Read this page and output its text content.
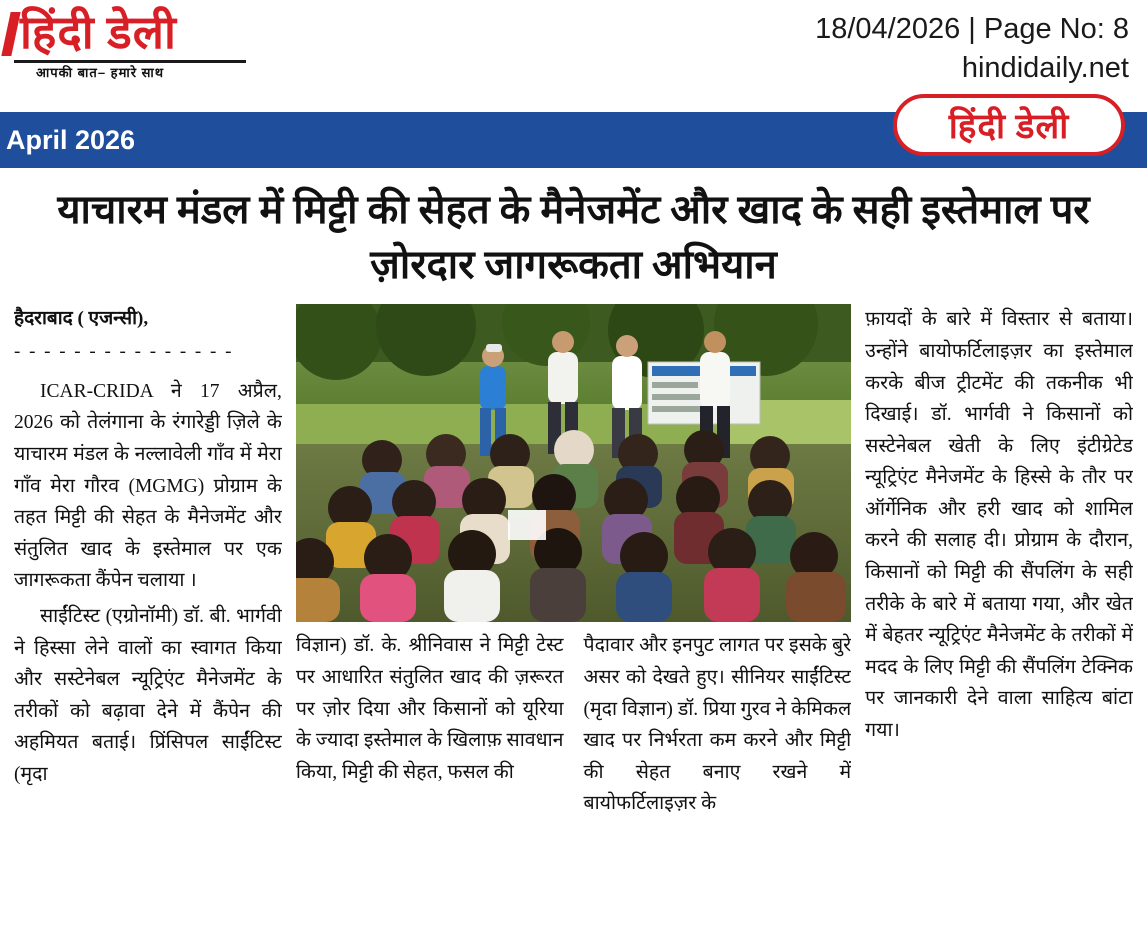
हिंदी डेली
आपकी बात– हमारे साथ
18/04/2026 | Page No: 8
hindidaily.net
April 2026	हिंदी डेली
याचारम मंडल में मिट्टी की सेहत के मैनेजमेंट और खाद के सही इस्तेमाल पर ज़ोरदार जागरूकता अभियान
हैदराबाद ( एजन्सी),
- - - - - - - - - - - - - - -

ICAR-CRIDA ने 17 अप्रैल, 2026 को तेलंगाना के रंगारेड्डी ज़िले के याचारम मंडल के नल्लावेली गाँव में मेरा गाँव मेरा गौरव (MGMG) प्रोग्राम के तहत मिट्टी की सेहत के मैनेजमेंट और संतुलित खाद के इस्तेमाल पर एक जागरूकता कैंपेन चलाया ।

साईंटिस्ट (एग्रोनॉमी) डॉ. बी. भार्गवी ने हिस्सा लेने वालों का स्वागत किया और सस्टेनेबल न्यूट्रिएंट मैनेजमेंट के तरीकों को बढ़ावा देने में कैंपेन की अहमियत बताई। प्रिंसिपल साईंटिस्ट (मृदा

विज्ञान) डॉ. के. श्रीनिवास ने मिट्टी टेस्ट पर आधारित संतुलित खाद की ज़रूरत पर ज़ोर दिया और किसानों को यूरिया के ज्यादा इस्तेमाल के खिलाफ़ सावधान किया, मिट्टी की सेहत, फसल की

पैदावार और इनपुट लागत पर इसके बुरे असर को देखते हुए। सीनियर साईंटिस्ट (मृदा विज्ञान) डॉ. प्रिया गुरव ने केमिकल खाद पर निर्भरता कम करने और मिट्टी की सेहत बनाए रखने में बायोफर्टिलाइज़र के

फ़ायदों के बारे में विस्तार से बताया। उन्होंने बायोफर्टिलाइज़र का इस्तेमाल करके बीज ट्रीटमेंट की तकनीक भी दिखाई। डॉ. भार्गवी ने किसानों को सस्टेनेबल खेती के लिए इंटीग्रेटेड न्यूट्रिएंट मैनेजमेंट के हिस्से के तौर पर ऑर्गेनिक और हरी खाद को शामिल करने की सलाह दी। प्रोग्राम के दौरान, किसानों को मिट्टी की सैंपलिंग के सही तरीके के बारे में बताया गया, और खेत में बेहतर न्यूट्रिएंट मैनेजमेंट के तरीकों में मदद के लिए मिट्टी की सैंपलिंग टेक्निक पर जानकारी देने वाला साहित्य बांटा गया।
